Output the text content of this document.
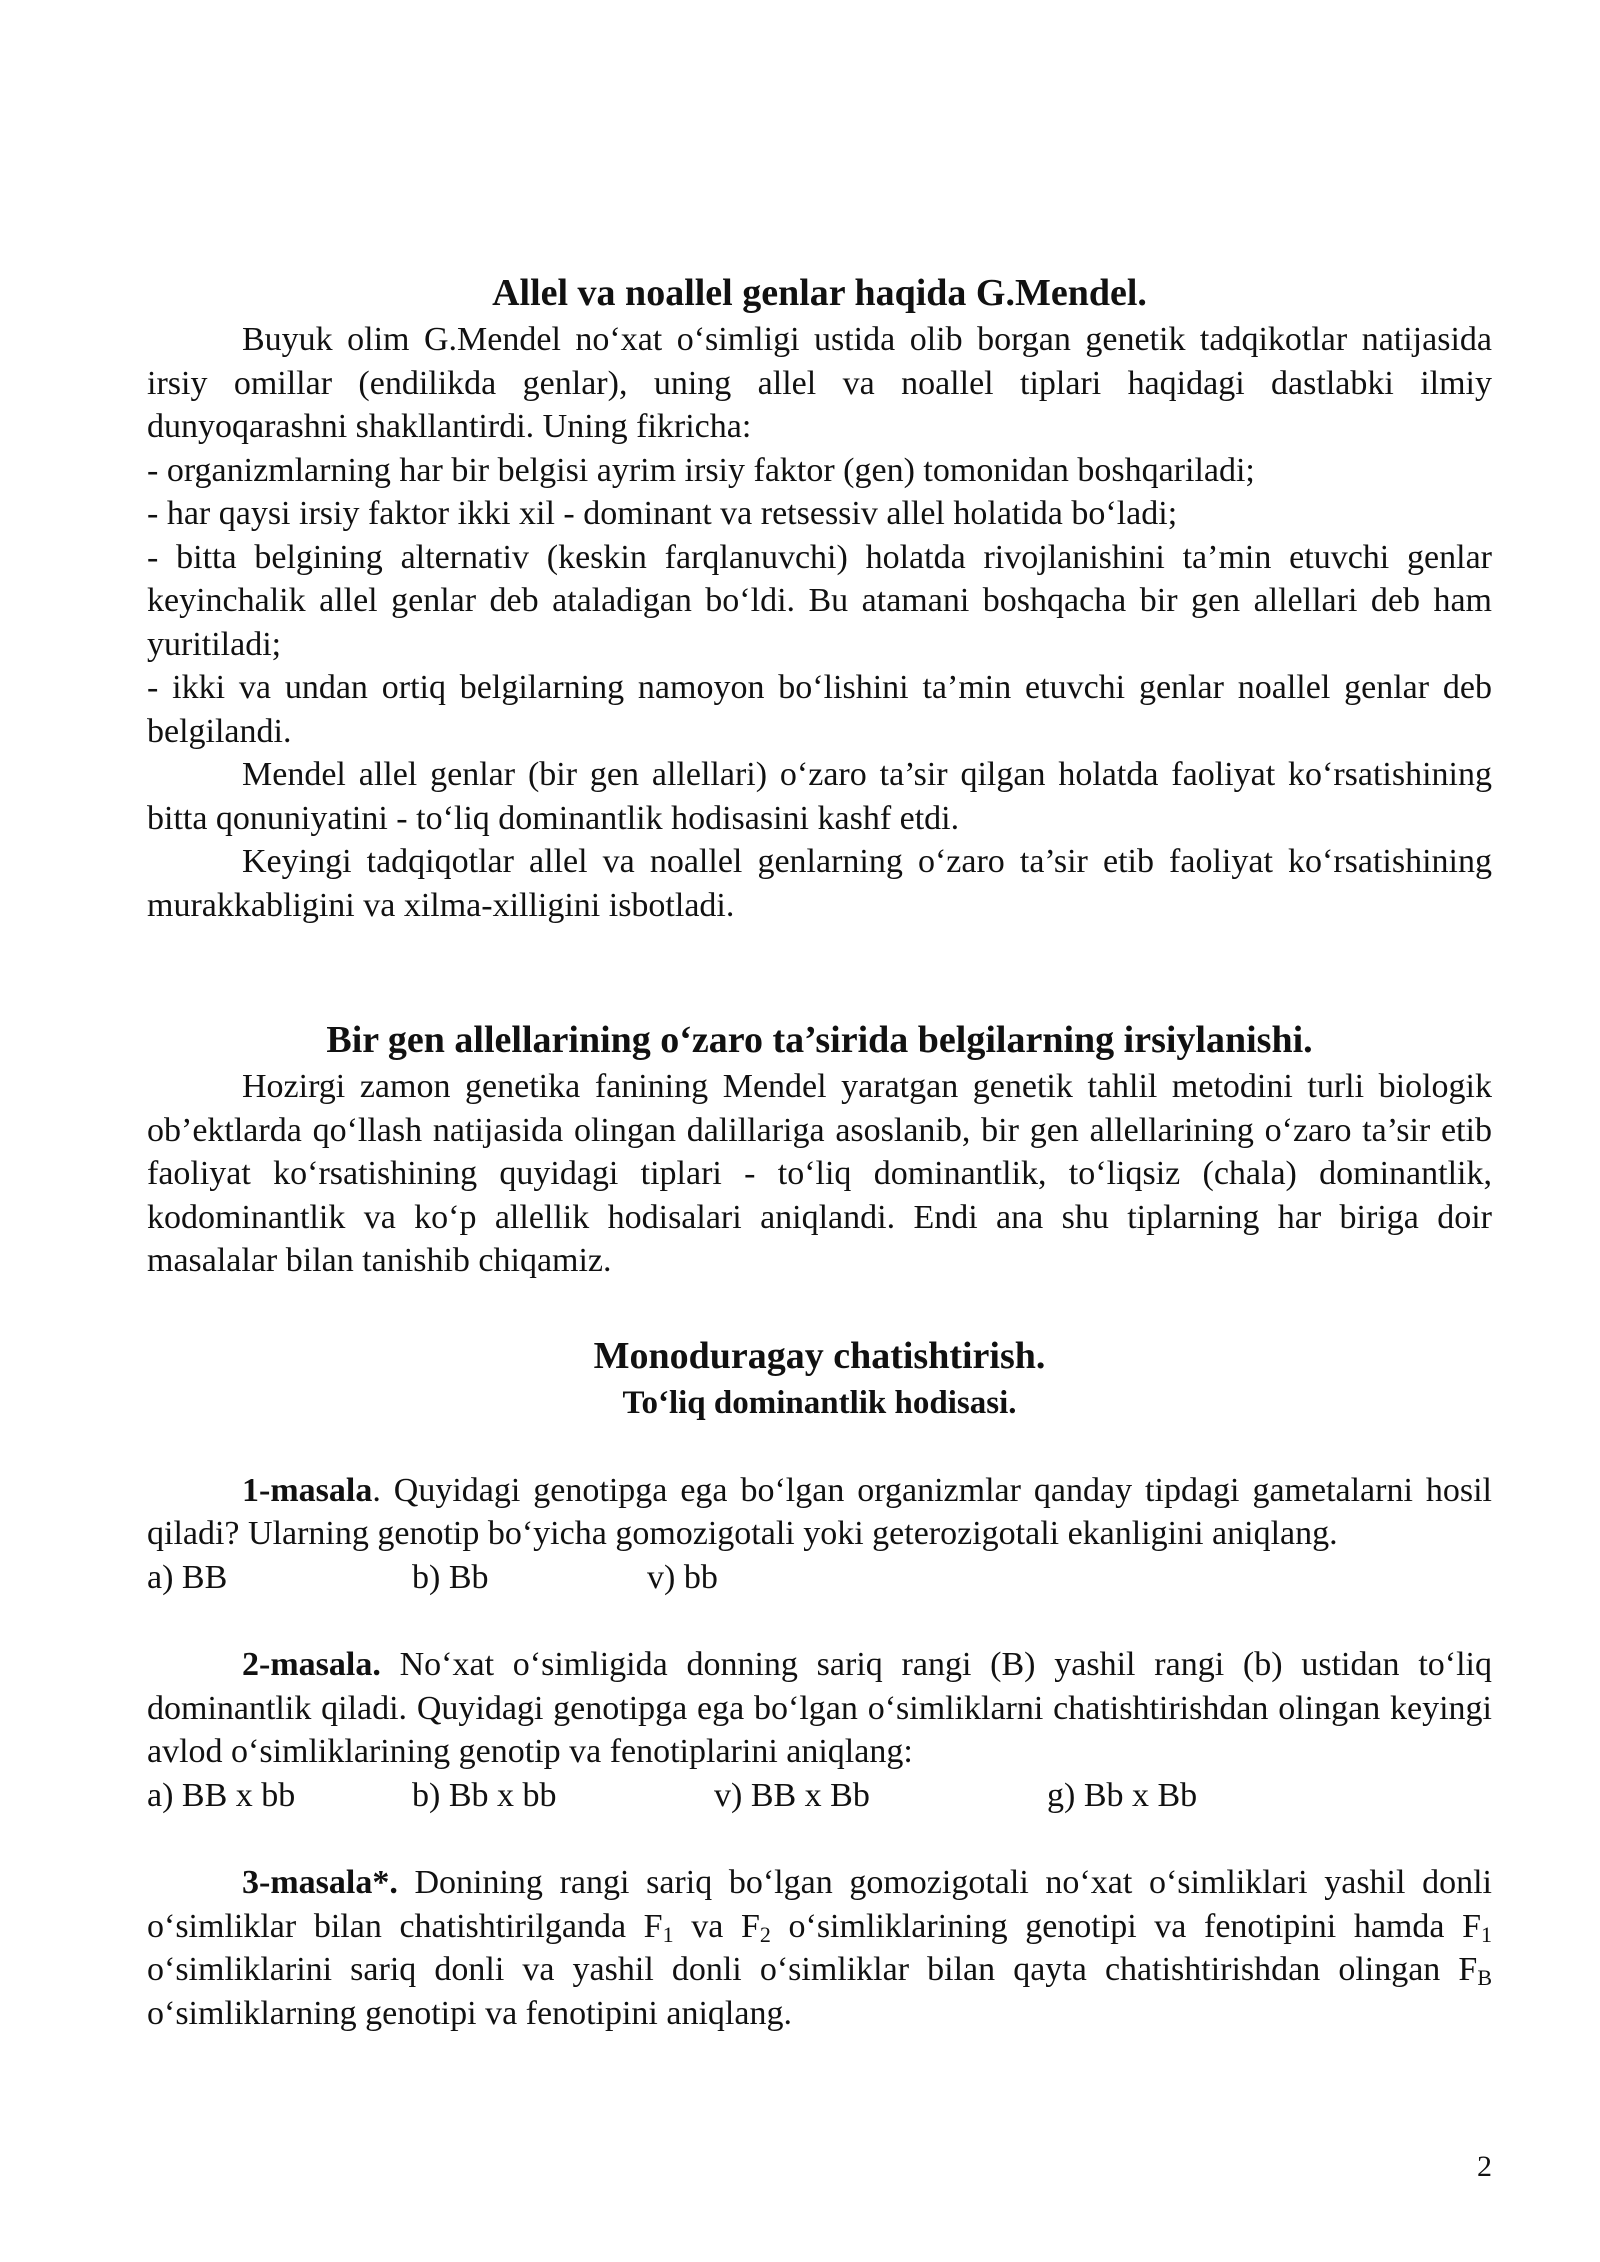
Allel va noallel genlar haqida G.Mendel.

Buyuk olim G.Mendel no‘xat o‘simligi ustida olib borgan genetik tadqikotlar natijasida irsiy omillar (endilikda genlar), uning allel va noallel tiplari haqidagi dastlabki ilmiy dunyoqarashni shakllantirdi. Uning fikricha:

- organizmlarning har bir belgisi ayrim irsiy faktor (gen) tomonidan boshqariladi;

- har qaysi irsiy faktor ikki xil - dominant va retsessiv allel holatida bo‘ladi;

- bitta belgining alternativ (keskin farqlanuvchi) holatda rivojlanishini ta’min etuvchi genlar keyinchalik allel genlar deb ataladigan bo‘ldi. Bu atamani boshqacha bir gen allellari deb ham yuritiladi;

- ikki va undan ortiq belgilarning namoyon bo‘lishini ta’min etuvchi genlar noallel genlar deb belgilandi.

Mendel allel genlar (bir gen allellari) o‘zaro ta’sir qilgan holatda faoliyat ko‘rsatishining bitta qonuniyatini - to‘liq dominantlik hodisasini kashf etdi.

Keyingi tadqiqotlar allel va noallel genlarning o‘zaro ta’sir etib faoliyat ko‘rsatishining murakkabligini va xilma-xilligini isbotladi.

Bir gen allellarining o‘zaro ta’sirida belgilarning irsiylanishi.

Hozirgi zamon genetika fanining Mendel yaratgan genetik tahlil metodini turli biologik ob’ektlarda qo‘llash natijasida olingan dalillariga asoslanib, bir gen allellarining o‘zaro ta’sir etib faoliyat ko‘rsatishining quyidagi tiplari - to‘liq dominantlik, to‘liqsiz (chala) dominantlik, kodominantlik va ko‘p allellik hodisalari aniqlandi. Endi ana shu tiplarning har biriga doir masalalar bilan tanishib chiqamiz.

Monoduragay chatishtirish.
To‘liq dominantlik hodisasi.

1-masala. Quyidagi genotipga ega bo‘lgan organizmlar qanday tipdagi gametalarni hosil qiladi? Ularning genotip bo‘yicha gomozigotali yoki geterozigotali ekanligini aniqlang.

a) BB	b) Bb	v) bb

2-masala. No‘xat o‘simligida donning sariq rangi (B) yashil rangi (b) ustidan to‘liq dominantlik qiladi. Quyidagi genotipga ega bo‘lgan o‘simliklarni chatishtirishdan olingan keyingi avlod o‘simliklarining genotip va fenotiplarini aniqlang:

a) BB x bb	b) Bb x bb	v) BB x Bb	g) Bb x Bb

3-masala*. Donining rangi sariq bo‘lgan gomozigotali no‘xat o‘simliklari yashil donli o‘simliklar bilan chatishtirilganda $F_1$ va $F_2$ o‘simliklarining genotipi va fenotipini hamda $F_1$ o‘simliklarini sariq donli va yashil donli o‘simliklar bilan qayta chatishtirishdan olingan $F_B$ o‘simliklarning genotipi va fenotipini aniqlang.

2
